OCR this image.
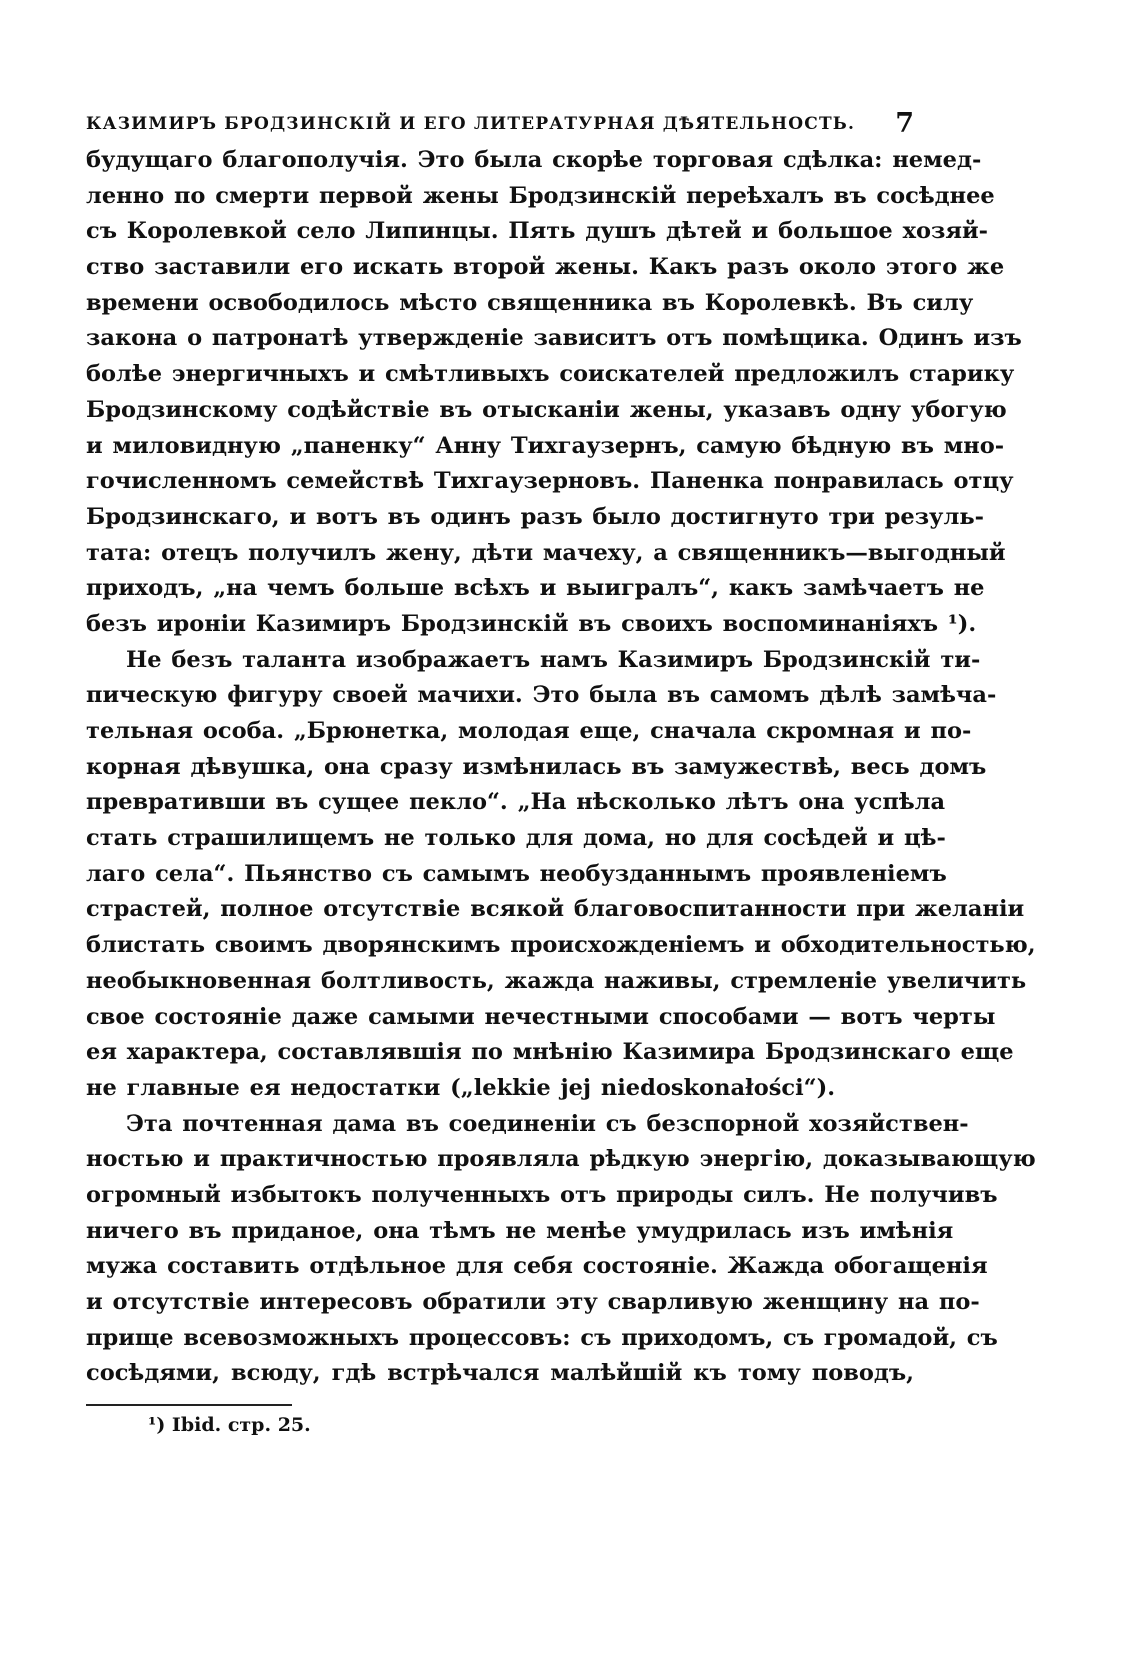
КАЗИМИРЪ БРОДЗИНСКІЙ И ЕГО ЛИТЕРАТУРНАЯ ДѢЯТЕЛЬНОСТЬ. 7
будущаго благополучія. Это была скорѣе торговая сдѣлка: немед-
ленно по смерти первой жены Бродзинскій переѣхалъ въ сосѣднее
съ Королевкой село Липинцы. Пять душъ дѣтей и большое хозяй-
ство заставили его искать второй жены. Какъ разъ около этого же
времени освободилось мѣсто священника въ Королевкѣ. Въ силу
закона о патронатѣ утвержденіе зависитъ отъ помѣщика. Одинъ изъ
болѣе энергичныхъ и смѣтливыхъ соискателей предложилъ старику
Бродзинскому содѣйствіе въ отысканіи жены, указавъ одну убогую
и миловидную „паненку“ Анну Тихгаузернъ, самую бѣдную въ мно-
гочисленномъ семействѣ Тихгаузерновъ. Паненка понравилась отцу
Бродзинскаго, и вотъ въ одинъ разъ было достигнуто три резуль-
тата: отецъ получилъ жену, дѣти мачеху, а священникъ—выгодный
приходъ, „на чемъ больше всѣхъ и выигралъ“, какъ замѣчаетъ не
безъ ироніи Казимиръ Бродзинскій въ своихъ воспоминаніяхъ ¹).
Не безъ таланта изображаетъ намъ Казимиръ Бродзинскій ти-
пическую фигуру своей мачихи. Это была въ самомъ дѣлѣ замѣча-
тельная особа. „Брюнетка, молодая еще, сначала скромная и по-
корная дѣвушка, она сразу измѣнилась въ замужествѣ, весь домъ
превративши въ сущее пекло“. „На нѣсколько лѣтъ она успѣла
стать страшилищемъ не только для дома, но для сосѣдей и цѣ-
лаго села“. Пьянство съ самымъ необузданнымъ проявленіемъ
страстей, полное отсутствіе всякой благовоспитанности при желаніи
блистать своимъ дворянскимъ происхожденіемъ и обходительностью,
необыкновенная болтливость, жажда наживы, стремленіе увеличить
свое состояніе даже самыми нечестными способами — вотъ черты
ея характера, составлявшія по мнѣнію Казимира Бродзинскаго еще
не главные ея недостатки („lekkie jej niedoskonałości“).
Эта почтенная дама въ соединеніи съ безспорной хозяйствен-
ностью и практичностью проявляла рѣдкую энергію, доказывающую
огромный избытокъ полученныхъ отъ природы силъ. Не получивъ
ничего въ приданое, она тѣмъ не менѣе умудрилась изъ имѣнія
мужа составить отдѣльное для себя состояніе. Жажда обогащенія
и отсутствіе интересовъ обратили эту сварливую женщину на по-
прище всевозможныхъ процессовъ: съ приходомъ, съ громадой, съ
сосѣдями, всюду, гдѣ встрѣчался малѣйшій къ тому поводъ,
¹) Ibid. стр. 25.
